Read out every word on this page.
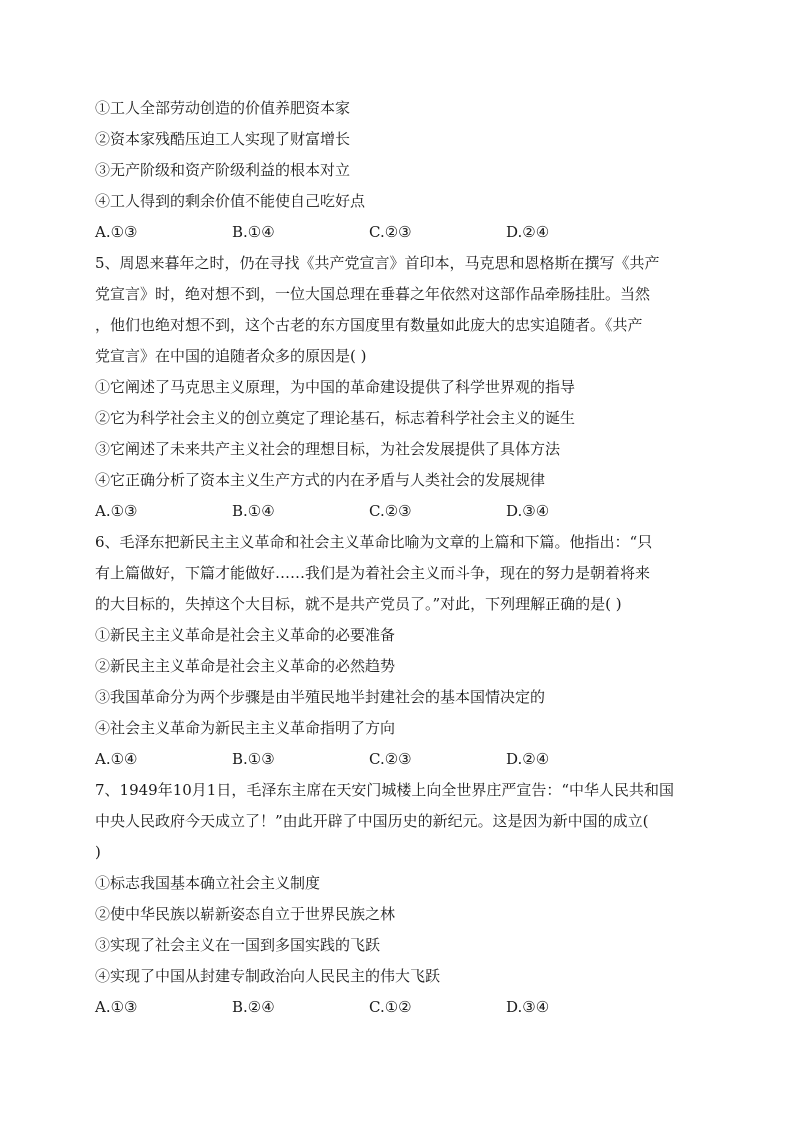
①工人全部劳动创造的价值养肥资本家
②资本家残酷压迫工人实现了财富增长
③无产阶级和资产阶级利益的根本对立
④工人得到的剩余价值不能使自己吃好点
A.①③	B.①④	C.②③	D.②④
5、周恩来暮年之时，仍在寻找《共产党宣言》首印本，马克思和恩格斯在撰写《共产
党宣言》时，绝对想不到，一位大国总理在垂暮之年依然对这部作品牵肠挂肚。当然
，他们也绝对想不到，这个古老的东方国度里有数量如此庞大的忠实追随者。《共产
党宣言》在中国的追随者众多的原因是( )
①它阐述了马克思主义原理，为中国的革命建设提供了科学世界观的指导
②它为科学社会主义的创立奠定了理论基石，标志着科学社会主义的诞生
③它阐述了未来共产主义社会的理想目标，为社会发展提供了具体方法
④它正确分析了资本主义生产方式的内在矛盾与人类社会的发展规律
A.①③	B.①④	C.②③	D.③④
6、毛泽东把新民主主义革命和社会主义革命比喻为文章的上篇和下篇。他指出：“只
有上篇做好，下篇才能做好……我们是为着社会主义而斗争，现在的努力是朝着将来
的大目标的，失掉这个大目标，就不是共产党员了。”对此，下列理解正确的是( )
①新民主主义革命是社会主义革命的必要准备
②新民主主义革命是社会主义革命的必然趋势
③我国革命分为两个步骤是由半殖民地半封建社会的基本国情决定的
④社会主义革命为新民主主义革命指明了方向
A.①④	B.①③	C.②③	D.②④
7、1949年10月1日，毛泽东主席在天安门城楼上向全世界庄严宣告：“中华人民共和国
中央人民政府今天成立了！”由此开辟了中国历史的新纪元。这是因为新中国的成立(
)
①标志我国基本确立社会主义制度
②使中华民族以崭新姿态自立于世界民族之林
③实现了社会主义在一国到多国实践的飞跃
④实现了中国从封建专制政治向人民民主的伟大飞跃
A.①③	B.②④	C.①②	D.③④
